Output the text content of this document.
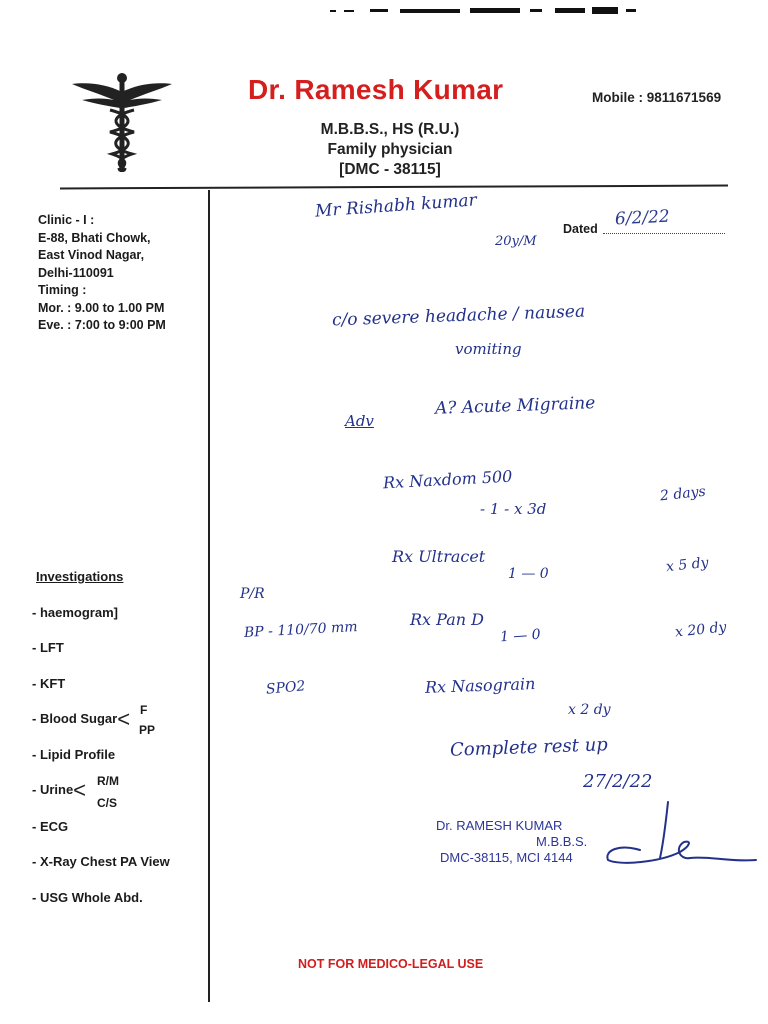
Dr. Ramesh Kumar	Mobile : 9811671569
M.B.B.S., HS (R.U.)
Family physician
[DMC - 38115]
Clinic - I :
E-88, Bhati Chowk,
East Vinod Nagar,
Delhi-110091
Timing :
Mor. : 9.00 to 1.00 PM
Eve. : 7:00 to 9:00 PM
Investigations
- haemogram]
- LFT
- KFT
- Blood Sugar< F
PP
- Lipid Profile
- Urine< R/M
C/S
- ECG
- X-Ray Chest PA View
- USG Whole Abd.
Dated 6/2/22
Mr Rishabh kumar
20y/M
c/o severe headache / nausea
vomiting
Adv
A? Acute Migraine
Rx Naxdom 500
- 1 - x 3d
2 days
Rx Ultracet
1 — 0	x 5 dy
Rx Pan D
1 — 0	x 20 dy
Rx Nasograin
x 2 dy
Complete rest up
27/2/22
P/R
BP - 110/70 mm
SPO2
Dr. RAMESH KUMAR
M.B.B.S.
DMC-38115, MCI 4144
NOT FOR MEDICO-LEGAL USE
